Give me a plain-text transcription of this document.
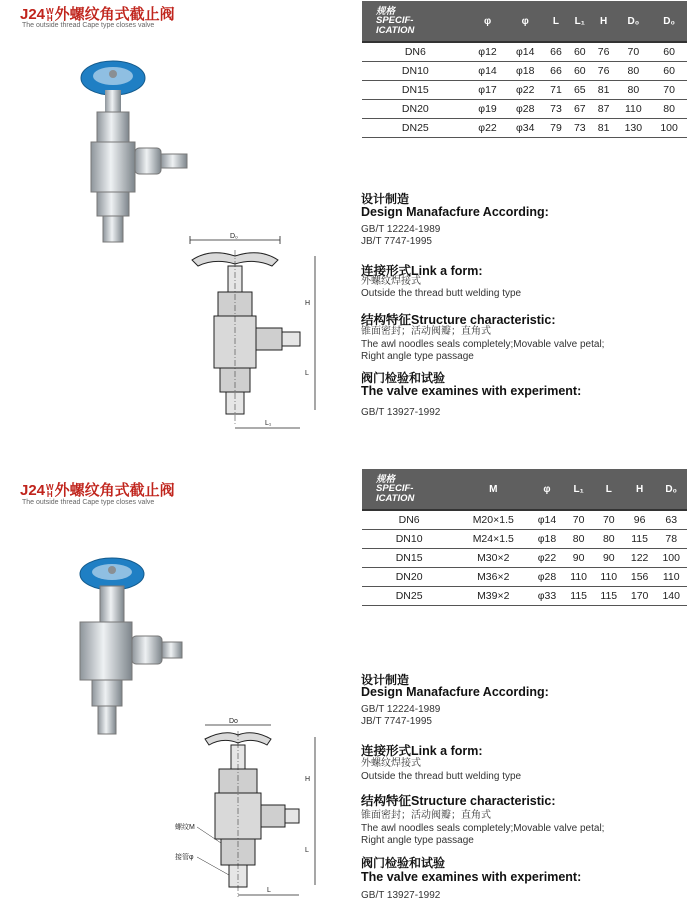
J24W
H 外螺纹角式截止阀
The outside thread Cape type closes valve
规格
SPECIF-
ICATION	φ	φ	L	L₁	H	D₀	D₀
DN6	φ12	φ14	66	60	76	70	60
DN10	φ14	φ18	66	60	76	80	60
DN15	φ17	φ22	71	65	81	80	70
DN20	φ19	φ28	73	67	87	110	80
DN25	φ22	φ34	79	73	81	130	100
D₀
H
L
L₁
设计制造
Design Manafacfure According:
GB/T 12224-1989
JB/T 7747-1995
连接形式Link a form:
外螺纹焊接式
Outside the thread butt welding type
结构特征Structure characteristic:
锥面密封；活动阀瓣；直角式
The awl noodles seals completely;Movable valve petal;
Right angle type passage
阀门检验和试验
The valve examines with experiment:
GB/T 13927-1992
J24W
H 外螺纹角式截止阀
The outside thread Cape type closes valve
规格
SPECIF-
ICATION	M	φ	L₁	L	H	D₀
DN6	M20×1.5	φ14	70	70	96	63
DN10	M24×1.5	φ18	80	80	115	78
DN15	M30×2	φ22	90	90	122	100
DN20	M36×2	φ28	110	110	156	110
DN25	M39×2	φ33	115	115	170	140
Do
螺纹M
接管φ
H
L
L
设计制造
Design Manafacfure According:
GB/T 12224-1989
JB/T 7747-1995
连接形式Link a form:
外螺纹焊接式
Outside the thread butt welding type
结构特征Structure characteristic:
锥面密封；活动阀瓣；直角式
The awl noodles seals completely;Movable valve petal;
Right angle type passage
阀门检验和试验
The valve examines with experiment:
GB/T 13927-1992
